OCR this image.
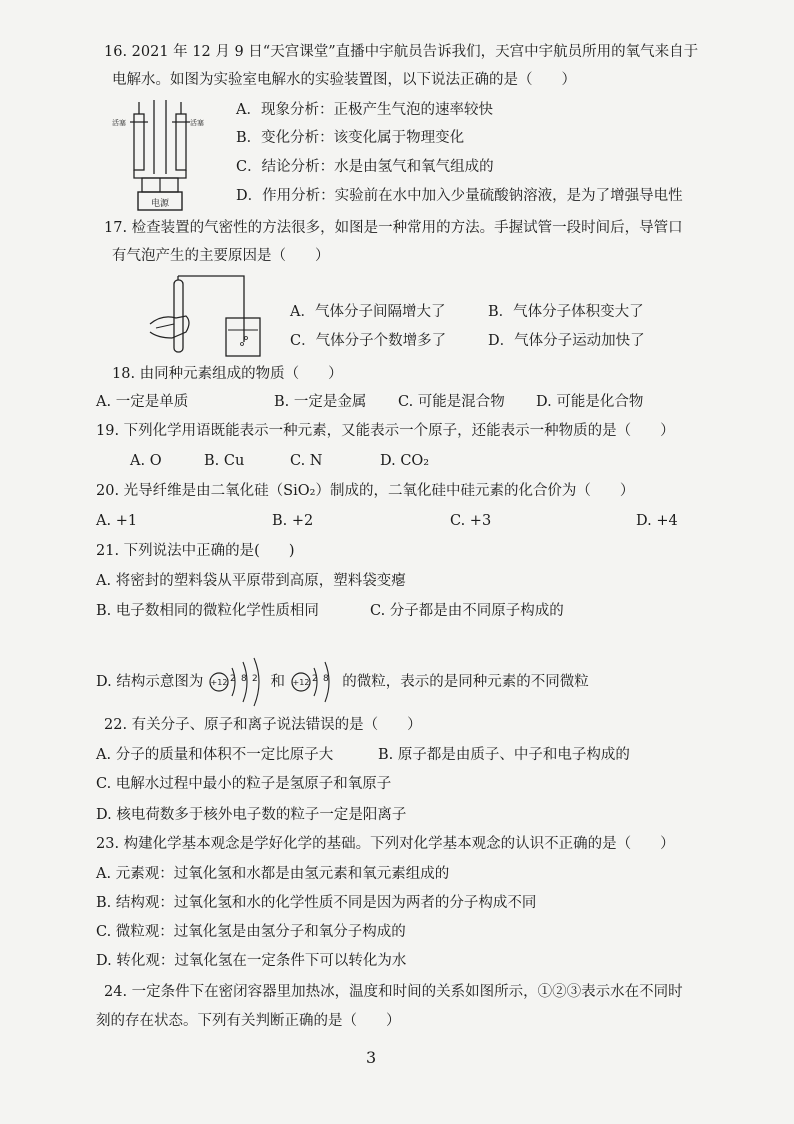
16. 2021 年 12 月 9 日“天宫课堂”直播中宇航员告诉我们，天宫中宇航员所用的氧气来自于
电解水。如图为实验室电解水的实验装置图，以下说法正确的是（　　）
电源
活塞	活塞
A．现象分析：正极产生气泡的速率较快
B．变化分析：该变化属于物理变化
C．结论分析：水是由氢气和氧气组成的
D．作用分析：实验前在水中加入少量硫酸钠溶液，是为了增强导电性
17. 检查装置的气密性的方法很多，如图是一种常用的方法。手握试管一段时间后，导管口
有气泡产生的主要原因是（　　）
A．气体分子间隔增大了	B．气体分子体积变大了
C．气体分子个数增多了	D．气体分子运动加快了
18. 由同种元素组成的物质（　　）
A. 一定是单质	B. 一定是金属 C. 可能是混合物 D. 可能是化合物
19. 下列化学用语既能表示一种元素，又能表示一个原子，还能表示一种物质的是（　　）
A. O	B. Cu	C. N	D. CO₂
20. 光导纤维是由二氧化硅（SiO₂）制成的，二氧化硅中硅元素的化合价为（　　）
A. +1	B. +2	C. +3	D. +4
21. 下列说法中正确的是(　　)
A. 将密封的塑料袋从平原带到高原，塑料袋变瘪
B. 电子数相同的微粒化学性质相同	C. 分子都是由不同原子构成的
D. 结构示意图为 +12 2 8 2 和 +12 2 8 的微粒，表示的是同种元素的不同微粒
22. 有关分子、原子和离子说法错误的是（　　）
A. 分子的质量和体积不一定比原子大	B. 原子都是由质子、中子和电子构成的
C. 电解水过程中最小的粒子是氢原子和氧原子
D. 核电荷数多于核外电子数的粒子一定是阳离子
23. 构建化学基本观念是学好化学的基础。下列对化学基本观念的认识不正确的是（　　）
A. 元素观：过氧化氢和水都是由氢元素和氧元素组成的
B. 结构观：过氧化氢和水的化学性质不同是因为两者的分子构成不同
C. 微粒观：过氧化氢是由氢分子和氧分子构成的
D. 转化观：过氧化氢在一定条件下可以转化为水
24. 一定条件下在密闭容器里加热冰，温度和时间的关系如图所示，①②③表示水在不同时
刻的存在状态。下列有关判断正确的是（　　）
3
